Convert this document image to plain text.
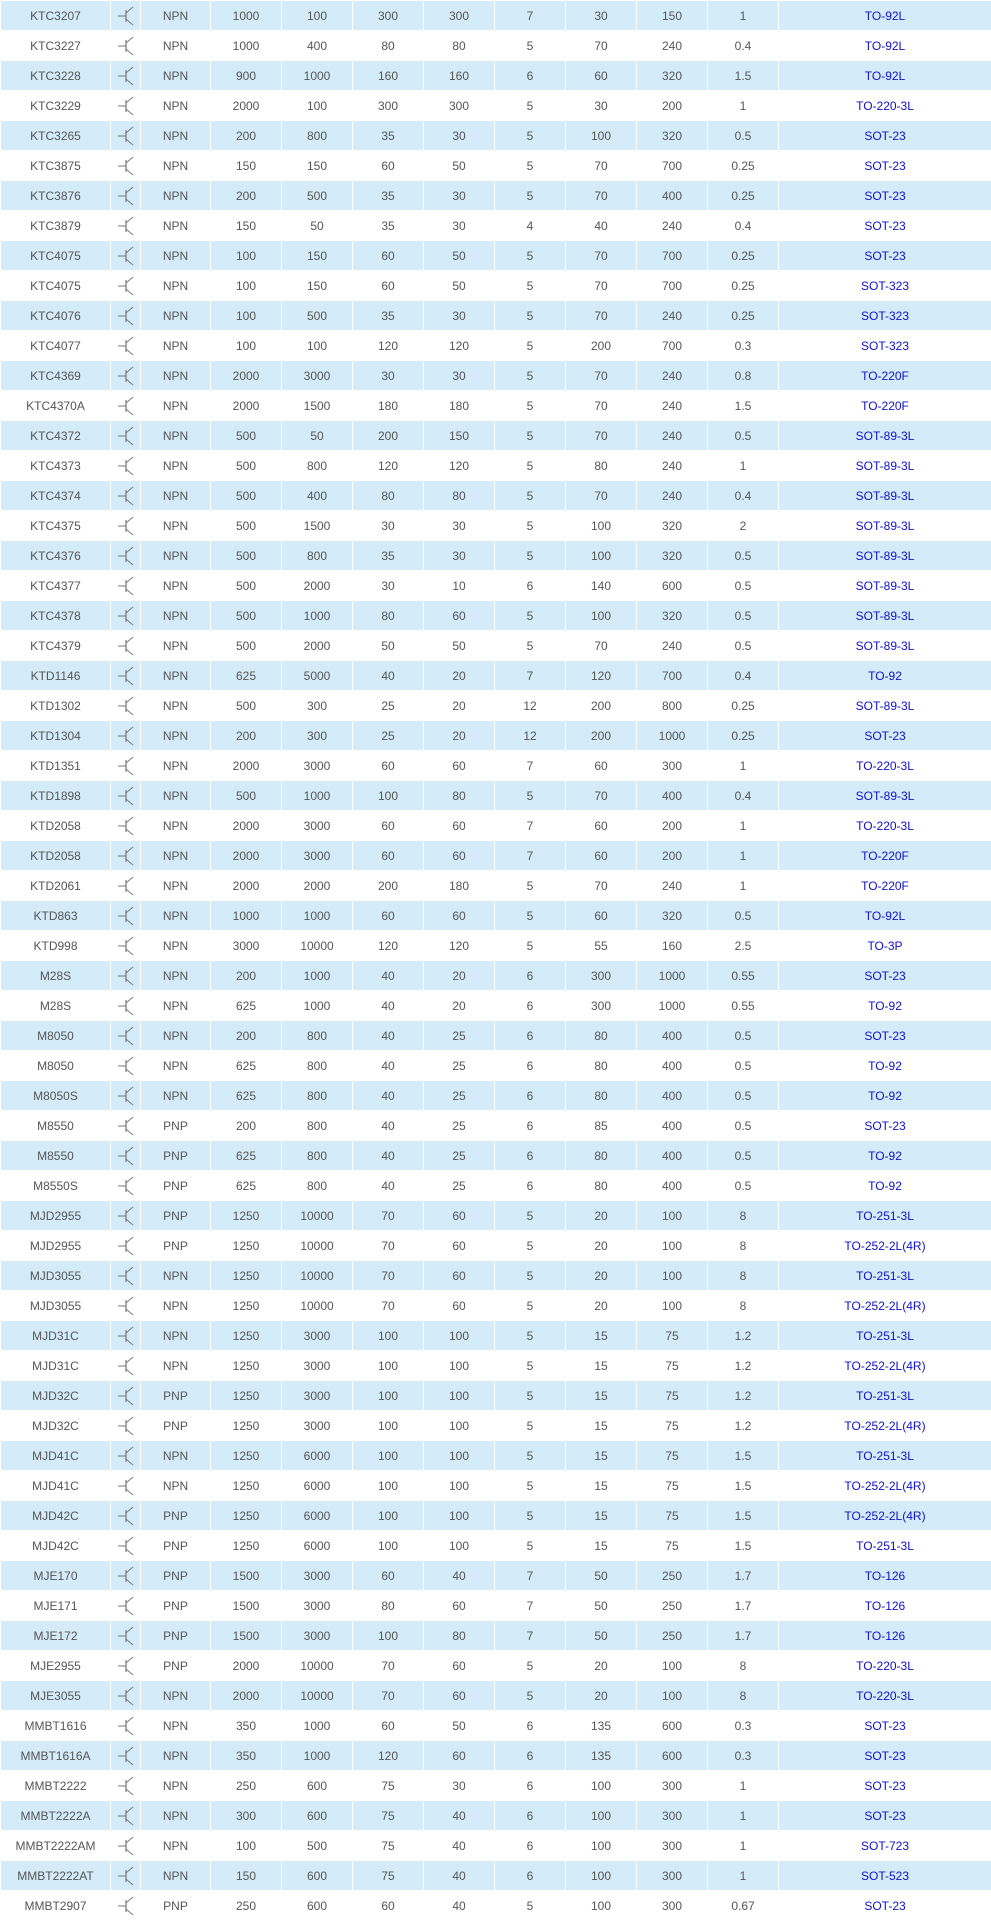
KTC3207		NPN	1000	100	300	300	7	30	150	1	TO-92L
KTC3227		NPN	1000	400	80	80	5	70	240	0.4	TO-92L
KTC3228		NPN	900	1000	160	160	6	60	320	1.5	TO-92L
KTC3229		NPN	2000	100	300	300	5	30	200	1	TO-220-3L
KTC3265		NPN	200	800	35	30	5	100	320	0.5	SOT-23
KTC3875		NPN	150	150	60	50	5	70	700	0.25	SOT-23
KTC3876		NPN	200	500	35	30	5	70	400	0.25	SOT-23
KTC3879		NPN	150	50	35	30	4	40	240	0.4	SOT-23
KTC4075		NPN	100	150	60	50	5	70	700	0.25	SOT-23
KTC4075		NPN	100	150	60	50	5	70	700	0.25	SOT-323
KTC4076		NPN	100	500	35	30	5	70	240	0.25	SOT-323
KTC4077		NPN	100	100	120	120	5	200	700	0.3	SOT-323
KTC4369		NPN	2000	3000	30	30	5	70	240	0.8	TO-220F
KTC4370A		NPN	2000	1500	180	180	5	70	240	1.5	TO-220F
KTC4372		NPN	500	50	200	150	5	70	240	0.5	SOT-89-3L
KTC4373		NPN	500	800	120	120	5	80	240	1	SOT-89-3L
KTC4374		NPN	500	400	80	80	5	70	240	0.4	SOT-89-3L
KTC4375		NPN	500	1500	30	30	5	100	320	2	SOT-89-3L
KTC4376		NPN	500	800	35	30	5	100	320	0.5	SOT-89-3L
KTC4377		NPN	500	2000	30	10	6	140	600	0.5	SOT-89-3L
KTC4378		NPN	500	1000	80	60	5	100	320	0.5	SOT-89-3L
KTC4379		NPN	500	2000	50	50	5	70	240	0.5	SOT-89-3L
KTD1146		NPN	625	5000	40	20	7	120	700	0.4	TO-92
KTD1302		NPN	500	300	25	20	12	200	800	0.25	SOT-89-3L
KTD1304		NPN	200	300	25	20	12	200	1000	0.25	SOT-23
KTD1351		NPN	2000	3000	60	60	7	60	300	1	TO-220-3L
KTD1898		NPN	500	1000	100	80	5	70	400	0.4	SOT-89-3L
KTD2058		NPN	2000	3000	60	60	7	60	200	1	TO-220-3L
KTD2058		NPN	2000	3000	60	60	7	60	200	1	TO-220F
KTD2061		NPN	2000	2000	200	180	5	70	240	1	TO-220F
KTD863		NPN	1000	1000	60	60	5	60	320	0.5	TO-92L
KTD998		NPN	3000	10000	120	120	5	55	160	2.5	TO-3P
M28S		NPN	200	1000	40	20	6	300	1000	0.55	SOT-23
M28S		NPN	625	1000	40	20	6	300	1000	0.55	TO-92
M8050		NPN	200	800	40	25	6	80	400	0.5	SOT-23
M8050		NPN	625	800	40	25	6	80	400	0.5	TO-92
M8050S		NPN	625	800	40	25	6	80	400	0.5	TO-92
M8550		PNP	200	800	40	25	6	85	400	0.5	SOT-23
M8550		PNP	625	800	40	25	6	80	400	0.5	TO-92
M8550S		PNP	625	800	40	25	6	80	400	0.5	TO-92
MJD2955		PNP	1250	10000	70	60	5	20	100	8	TO-251-3L
MJD2955		PNP	1250	10000	70	60	5	20	100	8	TO-252-2L(4R)
MJD3055		NPN	1250	10000	70	60	5	20	100	8	TO-251-3L
MJD3055		NPN	1250	10000	70	60	5	20	100	8	TO-252-2L(4R)
MJD31C		NPN	1250	3000	100	100	5	15	75	1.2	TO-251-3L
MJD31C		NPN	1250	3000	100	100	5	15	75	1.2	TO-252-2L(4R)
MJD32C		PNP	1250	3000	100	100	5	15	75	1.2	TO-251-3L
MJD32C		PNP	1250	3000	100	100	5	15	75	1.2	TO-252-2L(4R)
MJD41C		NPN	1250	6000	100	100	5	15	75	1.5	TO-251-3L
MJD41C		NPN	1250	6000	100	100	5	15	75	1.5	TO-252-2L(4R)
MJD42C		PNP	1250	6000	100	100	5	15	75	1.5	TO-252-2L(4R)
MJD42C		PNP	1250	6000	100	100	5	15	75	1.5	TO-251-3L
MJE170		PNP	1500	3000	60	40	7	50	250	1.7	TO-126
MJE171		PNP	1500	3000	80	60	7	50	250	1.7	TO-126
MJE172		PNP	1500	3000	100	80	7	50	250	1.7	TO-126
MJE2955		PNP	2000	10000	70	60	5	20	100	8	TO-220-3L
MJE3055		NPN	2000	10000	70	60	5	20	100	8	TO-220-3L
MMBT1616		NPN	350	1000	60	50	6	135	600	0.3	SOT-23
MMBT1616A		NPN	350	1000	120	60	6	135	600	0.3	SOT-23
MMBT2222		NPN	250	600	75	30	6	100	300	1	SOT-23
MMBT2222A		NPN	300	600	75	40	6	100	300	1	SOT-23
MMBT2222AM		NPN	100	500	75	40	6	100	300	1	SOT-723
MMBT2222AT		NPN	150	600	75	40	6	100	300	1	SOT-523
MMBT2907		PNP	250	600	60	40	5	100	300	0.67	SOT-23
